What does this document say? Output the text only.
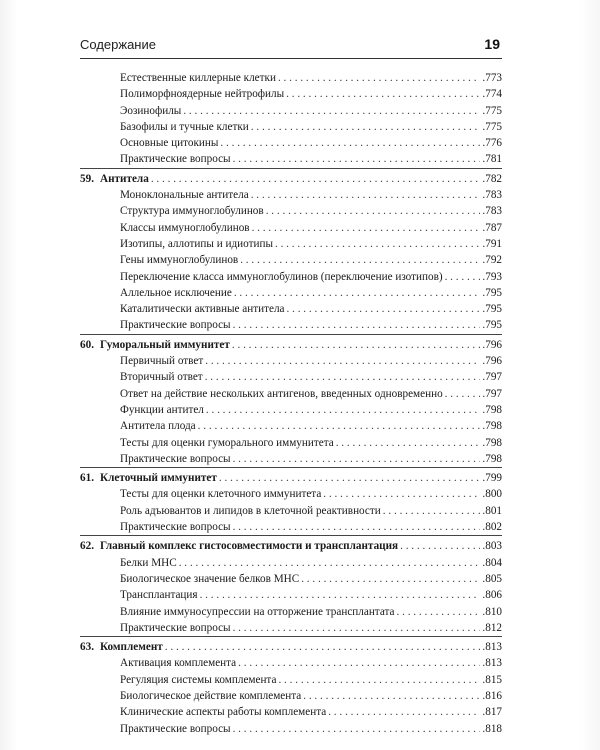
Содержание	19
Естественные киллерные клетки . . .	.773
Полиморфноядерные нейтрофилы . . .	.774
Эозинофилы . . .	.775
Базофилы и тучные клетки . . .	.775
Основные цитокины . . .	.776
Практические вопросы . . .	.781
59. Антитела . . .	.782
Моноклональные антитела . . .	.783
Структура иммуноглобулинов . . .	.783
Классы иммуноглобулинов . . .	.787
Изотипы, аллотипы и идиотипы . . .	.791
Гены иммуноглобулинов . . .	.792
Переключение класса иммуноглобулинов (переключение изотипов) . . .	.793
Аллельное исключение . . .	.795
Каталитически активные антитела . . .	.795
Практические вопросы . . .	.795
60. Гуморальный иммунитет . . .	.796
Первичный ответ . . .	.796
Вторичный ответ . . .	.797
Ответ на действие нескольких антигенов, введенных одновременно . . .	.797
Функции антител . . .	.798
Антитела плода . . .	.798
Тесты для оценки гуморального иммунитета . . .	.798
Практические вопросы . . .	.798
61. Клеточный иммунитет . . .	.799
Тесты для оценки клеточного иммунитета . . .	.800
Роль адъювантов и липидов в клеточной реактивности . . .	.801
Практические вопросы . . .	.802
62. Главный комплекс гистосовместимости и трансплантация . . .	.803
Белки МНС . . .	.804
Биологическое значение белков МНС . . .	.805
Трансплантация . . .	.806
Влияние иммуносупрессии на отторжение трансплантата . . .	.810
Практические вопросы . . .	.812
63. Комплемент . . .	.813
Активация комплемента . . .	.813
Регуляция системы комплемента . . .	.815
Биологическое действие комплемента . . .	.816
Клинические аспекты работы комплемента . . .	.817
Практические вопросы . . .	.818
